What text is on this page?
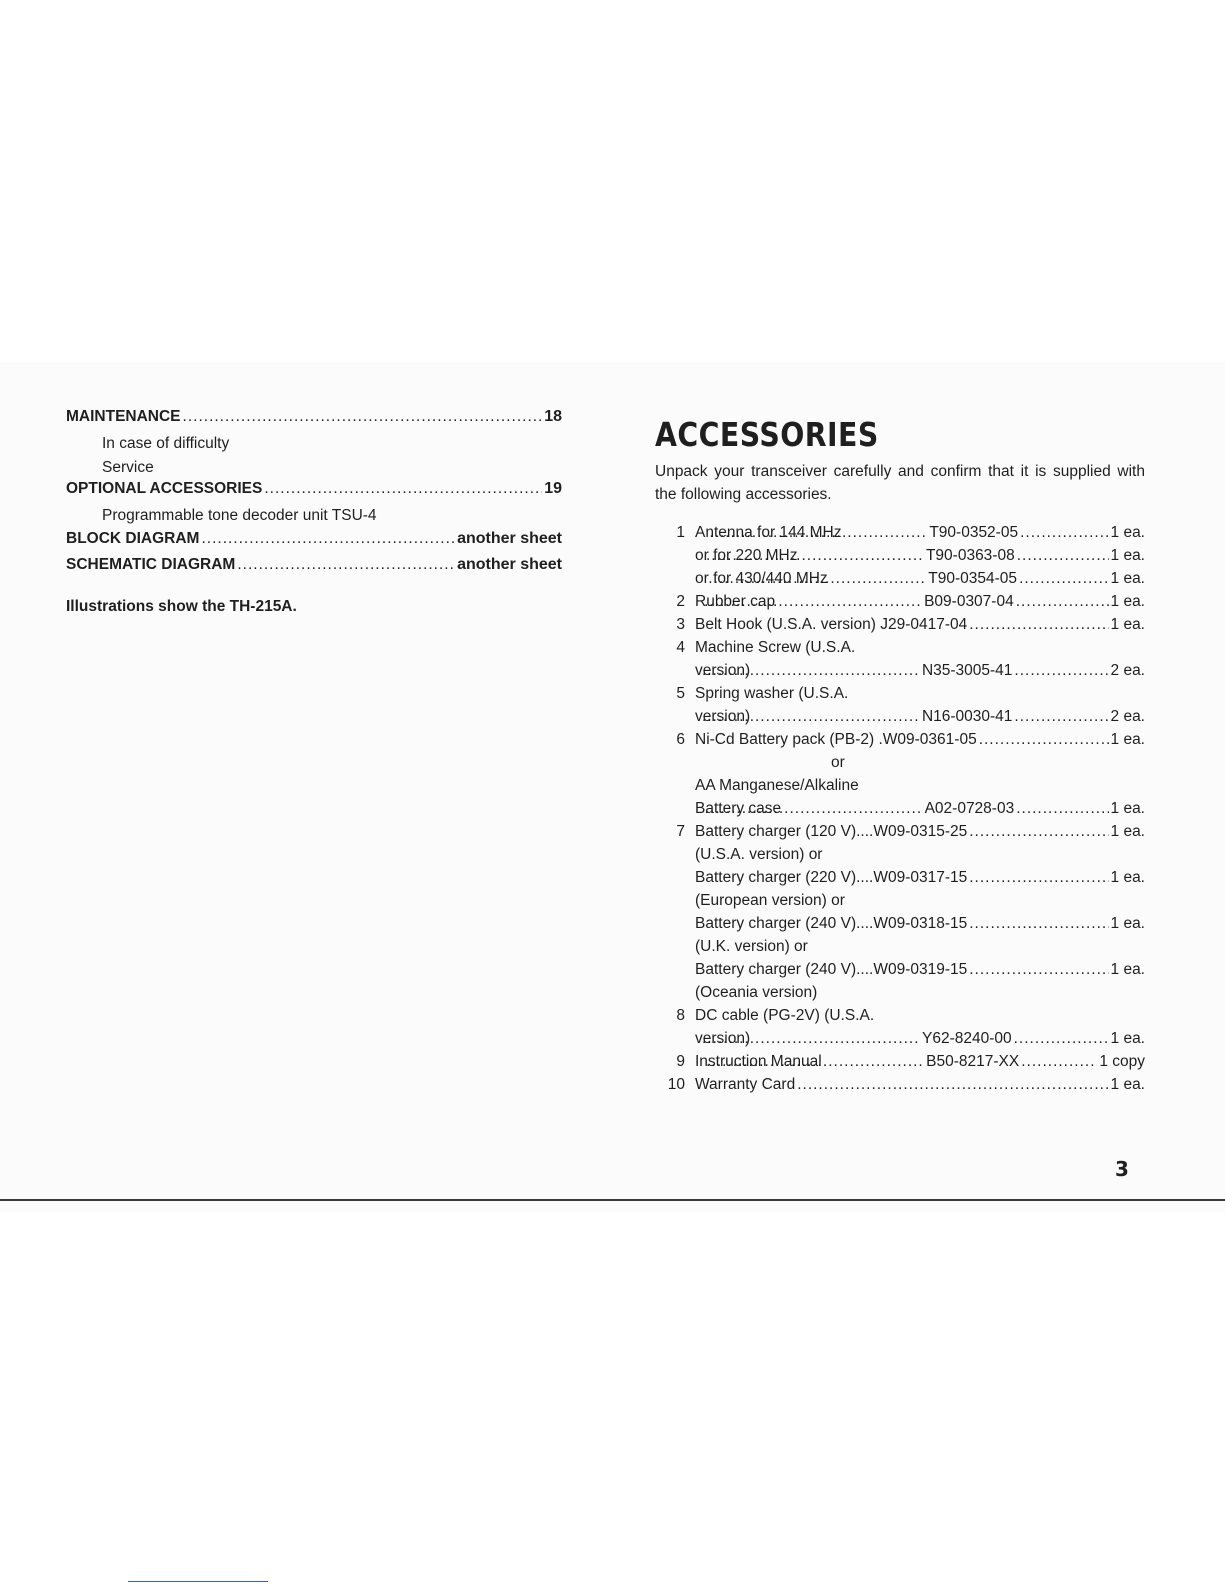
MAINTENANCE .....	18
In case of difficulty
Service
OPTIONAL ACCESSORIES .....	19
Programmable tone decoder unit TSU-4
BLOCK DIAGRAM .....	another sheet
SCHEMATIC DIAGRAM .....	another sheet
Illustrations show the TH-215A.
ACCESSORIES
Unpack your transceiver carefully and confirm that it is supplied with the following accessories.
1 Antenna for 144 MHz .....	T90-0352-05 .....	1 ea.
or for 220 MHz .....	T90-0363-08 .....	1 ea.
or for 430/440 MHz .....	T90-0354-05 .....	1 ea.
2 Rubber cap .....	B09-0307-04 .....	1 ea.
3 Belt Hook (U.S.A. version) J29-0417-04 .....	1 ea.
4 Machine Screw (U.S.A.
version) .....	N35-3005-41 .....	2 ea.
5 Spring washer (U.S.A.
version) .....	N16-0030-41 .....	2 ea.
6 Ni-Cd Battery pack (PB-2) .W09-0361-05 .....	1 ea.
or
AA Manganese/Alkaline
Battery case .....	A02-0728-03 .....	1 ea.
7 Battery charger (120 V)....W09-0315-25 .....	1 ea.
(U.S.A. version) or
Battery charger (220 V)....W09-0317-15 .....	1 ea.
(European version) or
Battery charger (240 V)....W09-0318-15 .....	1 ea.
(U.K. version) or
Battery charger (240 V)....W09-0319-15 .....	1 ea.
(Oceania version)
8 DC cable (PG-2V) (U.S.A.
version) .....	Y62-8240-00 .....	1 ea.
9 Instruction Manual .....	B50-8217-XX .....	1 copy
10 Warranty Card .....	1 ea.
3
